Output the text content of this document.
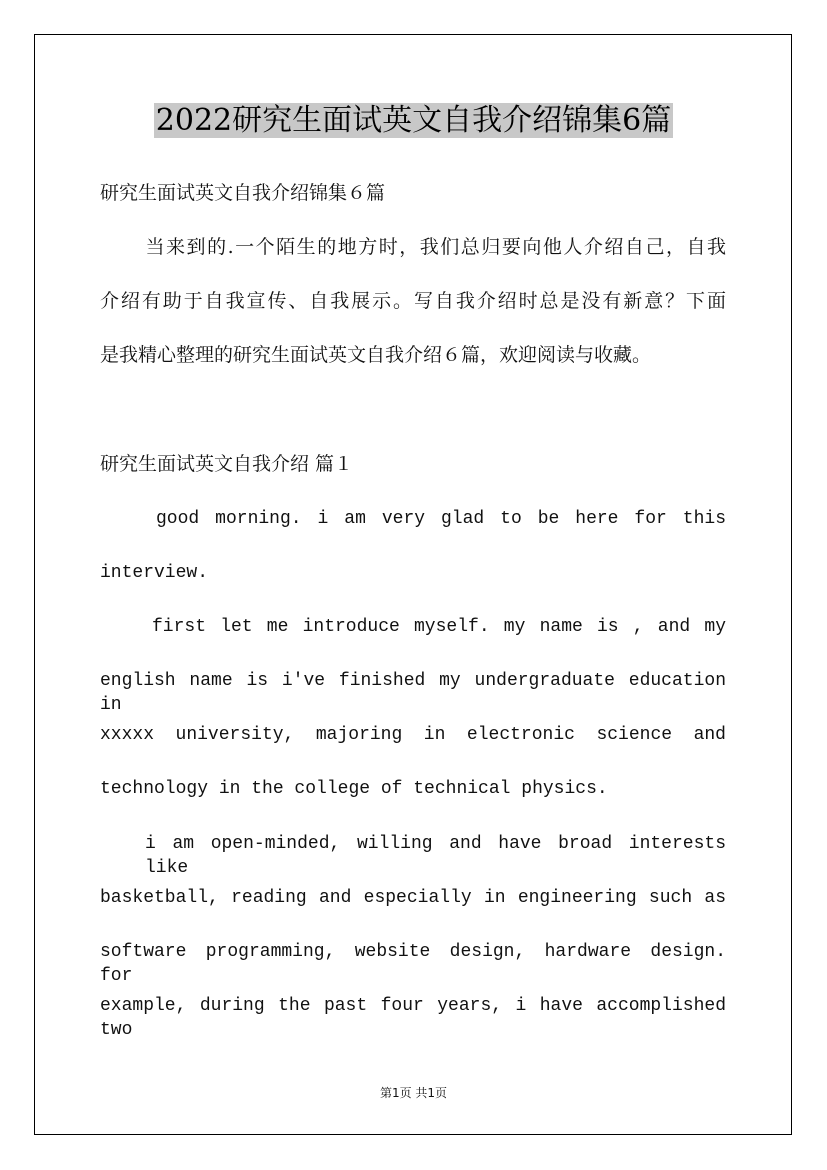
2022研究生面试英文自我介绍锦集6篇
研究生面试英文自我介绍锦集６篇
当来到的.一个陌生的地方时，我们总归要向他人介绍自己，自我
介绍有助于自我宣传、自我展示。写自我介绍时总是没有新意？下面
是我精心整理的研究生面试英文自我介绍６篇，欢迎阅读与收藏。
研究生面试英文自我介绍 篇１
good morning. i am very glad to be here for this
interview.
first let me introduce myself. my name is , and my
english name is i've finished my undergraduate education in
xxxxx university, majoring in electronic science and
technology in the college of technical physics.
i am open-minded, willing and have broad interests like
basketball, reading and especially in engineering such as
software programming, website design, hardware design. for
example, during the past four years, i have accomplished two
第1页 共1页
